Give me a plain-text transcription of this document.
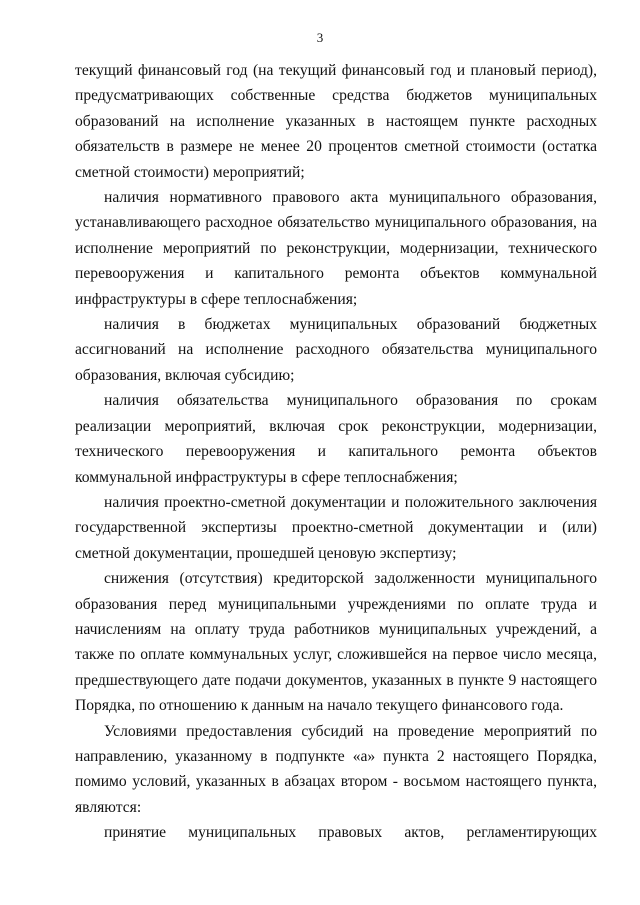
3

текущий финансовый год (на текущий финансовый год и плановый период), предусматривающих собственные средства бюджетов муниципальных образований на исполнение указанных в настоящем пункте расходных обязательств в размере не менее 20 процентов сметной стоимости (остатка сметной стоимости) мероприятий;

наличия нормативного правового акта муниципального образования, устанавливающего расходное обязательство муниципального образования, на исполнение мероприятий по реконструкции, модернизации, технического перевооружения и капитального ремонта объектов коммунальной инфраструктуры в сфере теплоснабжения;

наличия в бюджетах муниципальных образований бюджетных ассигнований на исполнение расходного обязательства муниципального образования, включая субсидию;

наличия обязательства муниципального образования по срокам реализации мероприятий, включая срок реконструкции, модернизации, технического перевооружения и капитального ремонта объектов коммунальной инфраструктуры в сфере теплоснабжения;

наличия проектно-сметной документации и положительного заключения государственной экспертизы проектно-сметной документации и (или) сметной документации, прошедшей ценовую экспертизу;

снижения (отсутствия) кредиторской задолженности муниципального образования перед муниципальными учреждениями по оплате труда и начислениям на оплату труда работников муниципальных учреждений, а также по оплате коммунальных услуг, сложившейся на первое число месяца, предшествующего дате подачи документов, указанных в пункте 9 настоящего Порядка, по отношению к данным на начало текущего финансового года.

Условиями предоставления субсидий на проведение мероприятий по направлению, указанному в подпункте «а» пункта 2 настоящего Порядка, помимо условий, указанных в абзацах втором - восьмом настоящего пункта, являются:

принятие муниципальных правовых актов, регламентирующих
